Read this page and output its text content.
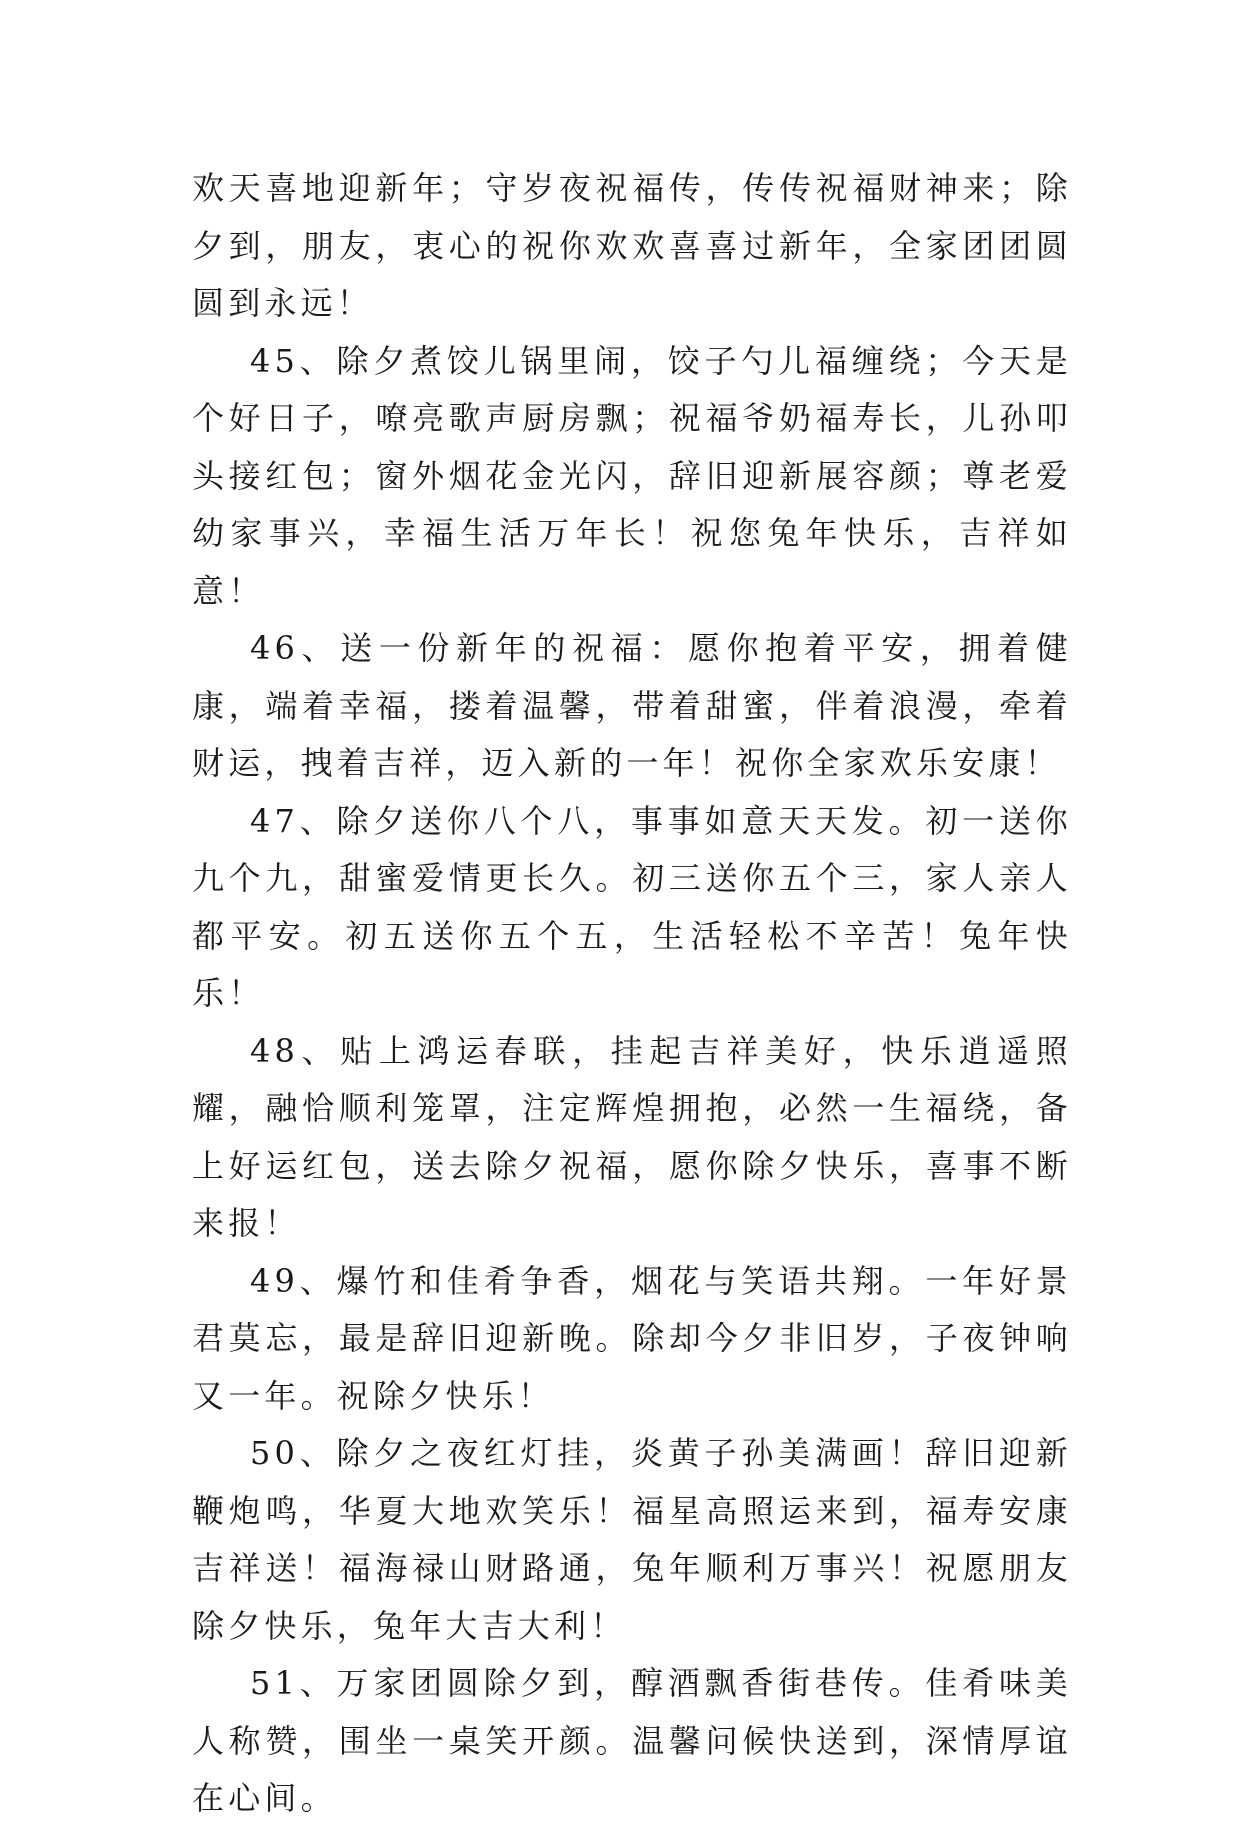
欢天喜地迎新年；守岁夜祝福传，传传祝福财神来；除夕到，朋友，衷心的祝你欢欢喜喜过新年，全家团团圆圆到永远！

45、除夕煮饺儿锅里闹，饺子勺儿福缠绕；今天是个好日子，嘹亮歌声厨房飘；祝福爷奶福寿长，儿孙叩头接红包；窗外烟花金光闪，辞旧迎新展容颜；尊老爱幼家事兴，幸福生活万年长！祝您兔年快乐，吉祥如意！

46、送一份新年的祝福：愿你抱着平安，拥着健康，端着幸福，搂着温馨，带着甜蜜，伴着浪漫，牵着财运，拽着吉祥，迈入新的一年！祝你全家欢乐安康！

47、除夕送你八个八，事事如意天天发。初一送你九个九，甜蜜爱情更长久。初三送你五个三，家人亲人都平安。初五送你五个五，生活轻松不辛苦！兔年快乐！

48、贴上鸿运春联，挂起吉祥美好，快乐逍遥照耀，融恰顺利笼罩，注定辉煌拥抱，必然一生福绕，备上好运红包，送去除夕祝福，愿你除夕快乐，喜事不断来报！

49、爆竹和佳肴争香，烟花与笑语共翔。一年好景君莫忘，最是辞旧迎新晚。除却今夕非旧岁，子夜钟响又一年。祝除夕快乐！

50、除夕之夜红灯挂，炎黄子孙美满画！辞旧迎新鞭炮鸣，华夏大地欢笑乐！福星高照运来到，福寿安康吉祥送！福海禄山财路通，兔年顺利万事兴！祝愿朋友除夕快乐，兔年大吉大利！

51、万家团圆除夕到，醇酒飘香街巷传。佳肴味美人称赞，围坐一桌笑开颜。温馨问候快送到，深情厚谊在心间。
